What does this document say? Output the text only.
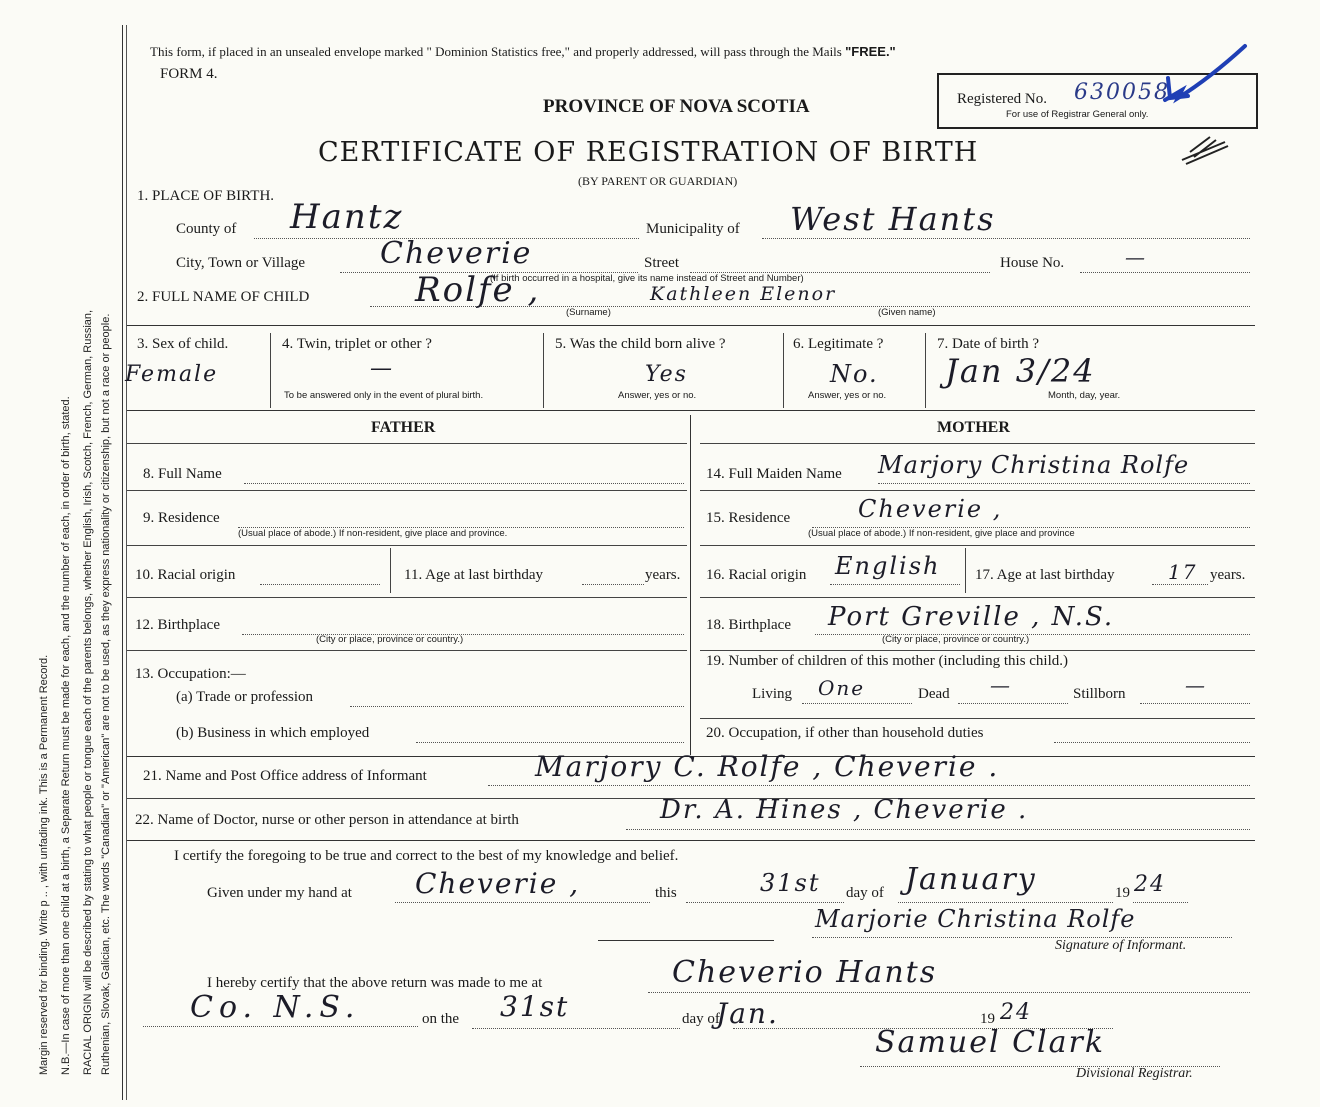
Margin reserved for binding. Write p .. , with unfading ink. This is a Permanent Record. N.B.—In case of more than one child at a birth, a Separate Return must be made for each, and the number of each, in order of birth, stated. RACIAL ORIGIN will be described by stating to what people or tongue each of the parents belongs, whether English, Irish, Scotch, French, German, Russian, Ruthenian, Slovak, Galician, etc. The words "Canadian" or "American" are not to be used, as they express nationality or citizenship, but not a race or people.
This form, if placed in an unsealed envelope marked " Dominion Statistics free," and properly addressed, will pass through the Mails "FREE."
FORM 4.
PROVINCE OF NOVA SCOTIA
CERTIFICATE OF REGISTRATION OF BIRTH
(BY PARENT OR GUARDIAN)
Registered No. 630058
For use of Registrar General only.
1. PLACE OF BIRTH.
County of Hantz	Municipality of West Hants
City, Town or Village Cheverie	Street	House No.	—
(If birth occurred in a hospital, give its name instead of Street and Number)
2. FULL NAME OF CHILD	Rolfe ,	Kathleen Elenor
(Surname)	(Given name)
3. Sex of child.
Female
4. Twin, triplet or other ?
—
To be answered only in the event of plural birth.
5. Was the child born alive ?
Yes
Answer, yes or no.
6. Legitimate ?
No.
Answer, yes or no.
7. Date of birth ?
Jan 3/24
Month, day, year.
FATHER	MOTHER
8. Full Name
9. Residence
(Usual place of abode.) If non-resident, give place and province.
10. Racial origin	11. Age at last birthday	years.
12. Birthplace
(City or place, province or country.)
13. Occupation:—
(a) Trade or profession
(b) Business in which employed
14. Full Maiden Name Marjory Christina Rolfe
15. Residence	Cheverie ,
(Usual place of abode.) If non-resident, give place and province
16. Racial origin English 17. Age at last birthday	17 years.
18. Birthplace Port Greville , N.S.
(City or place, province or country.)
19. Number of children of this mother (including this child.)
Living One	Dead —	Stillborn	—
20. Occupation, if other than household duties
21. Name and Post Office address of Informant	Marjory C. Rolfe , Cheverie .
22. Name of Doctor, nurse or other person in attendance at birth	Dr. A. Hines , Cheverie .
I certify the foregoing to be true and correct to the best of my knowledge and belief.
Given under my hand at Cheverie ,	this	31st day of January	19 24
Marjorie Christina Rolfe
Signature of Informant.
I hereby certify that the above return was made to me at	Cheverio Hants
Co. N.S.	on the 31st	day of
Jan.	19 24
Samuel Clark
Divisional Registrar.
